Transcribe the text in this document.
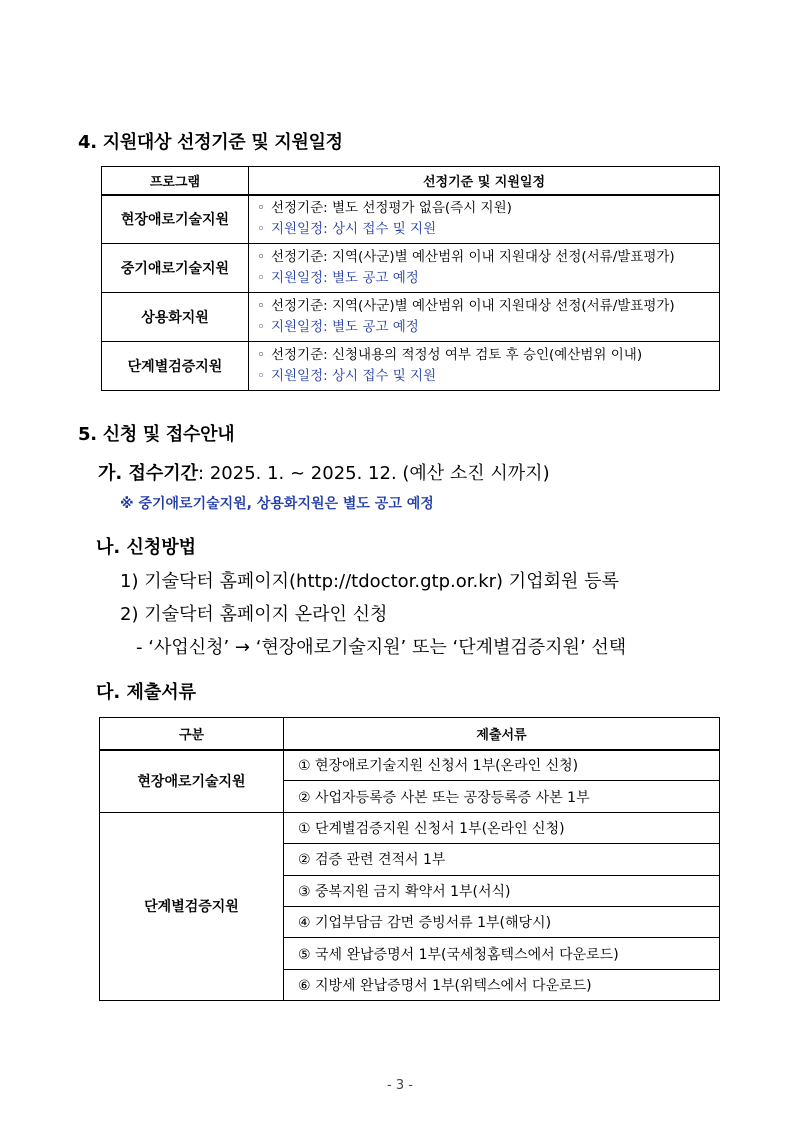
4. 지원대상 선정기준 및 지원일정
프로그램	선정기준 및 지원일정
현장애로기술지원	◦ 선정기준: 별도 선정평가 없음(즉시 지원)
◦ 지원일정: 상시 접수 및 지원

중기애로기술지원	◦ 선정기준: 지역(사군)별 예산범위 이내 지원대상 선정(서류/발표평가)
◦ 지원일정: 별도 공고 예정

상용화지원	◦ 선정기준: 지역(사군)별 예산범위 이내 지원대상 선정(서류/발표평가)
◦ 지원일정: 별도 공고 예정

단계별검증지원	◦ 선정기준: 신청내용의 적정성 여부 검토 후 승인(예산범위 이내)
◦ 지원일정: 상시 접수 및 지원
5. 신청 및 접수안내
가. 접수기간: 2025. 1. ~ 2025. 12. (예산 소진 시까지)
※ 중기애로기술지원, 상용화지원은 별도 공고 예정
나. 신청방법
1) 기술닥터 홈페이지(http://tdoctor.gtp.or.kr) 기업회원 등록
2) 기술닥터 홈페이지 온라인 신청
- ‘사업신청’ → ‘현장애로기술지원’ 또는 ‘단계별검증지원’ 선택
다. 제출서류
구분	제출서류
현장애로기술지원	① 현장애로기술지원 신청서 1부(온라인 신청)
	② 사업자등록증 사본 또는 공장등록증 사본 1부
단계별검증지원	① 단계별검증지원 신청서 1부(온라인 신청)
	② 검증 관련 견적서 1부
	③ 중복지원 금지 확약서 1부(서식)
	④ 기업부담금 감면 증빙서류 1부(해당시)
	⑤ 국세 완납증명서 1부(국세청홈텍스에서 다운로드)
	⑥ 지방세 완납증명서 1부(위텍스에서 다운로드)
- 3 -
